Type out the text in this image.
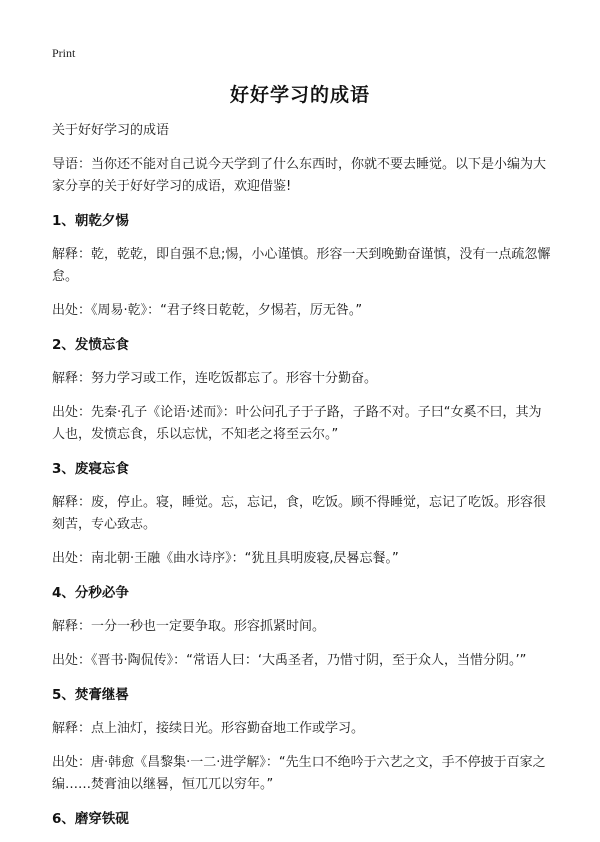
Print
好好学习的成语
关于好好学习的成语
导语：当你还不能对自己说今天学到了什么东西时，你就不要去睡觉。以下是小编为大家分享的关于好好学习的成语，欢迎借鉴!
1、朝乾夕惕
解释：乾，乾乾，即自强不息;惕，小心谨慎。形容一天到晚勤奋谨慎，没有一点疏忽懈怠。
出处：《周易·乾》：“君子终日乾乾，夕惕若，厉无咎。”
2、发愤忘食
解释：努力学习或工作，连吃饭都忘了。形容十分勤奋。
出处：先秦·孔子《论语·述而》：叶公问孔子于子路，子路不对。子曰“女奚不曰，其为人也，发愤忘食，乐以忘忧，不知老之将至云尔。”
3、废寝忘食
解释：废，停止。寝，睡觉。忘，忘记，食，吃饭。顾不得睡觉，忘记了吃饭。形容很刻苦，专心致志。
出处：南北朝·王融《曲水诗序》：“犹且具明废寝,昃晷忘餐。”
4、分秒必争
解释：一分一秒也一定要争取。形容抓紧时间。
出处：《晋书·陶侃传》：“常语人曰：‘大禹圣者，乃惜寸阴，至于众人，当惜分阴。’”
5、焚膏继晷
解释：点上油灯，接续日光。形容勤奋地工作或学习。
出处：唐·韩愈《昌黎集·一二·进学解》：“先生口不绝吟于六艺之文，手不停披于百家之编……焚膏油以继晷，恒兀兀以穷年。”
6、磨穿铁砚
